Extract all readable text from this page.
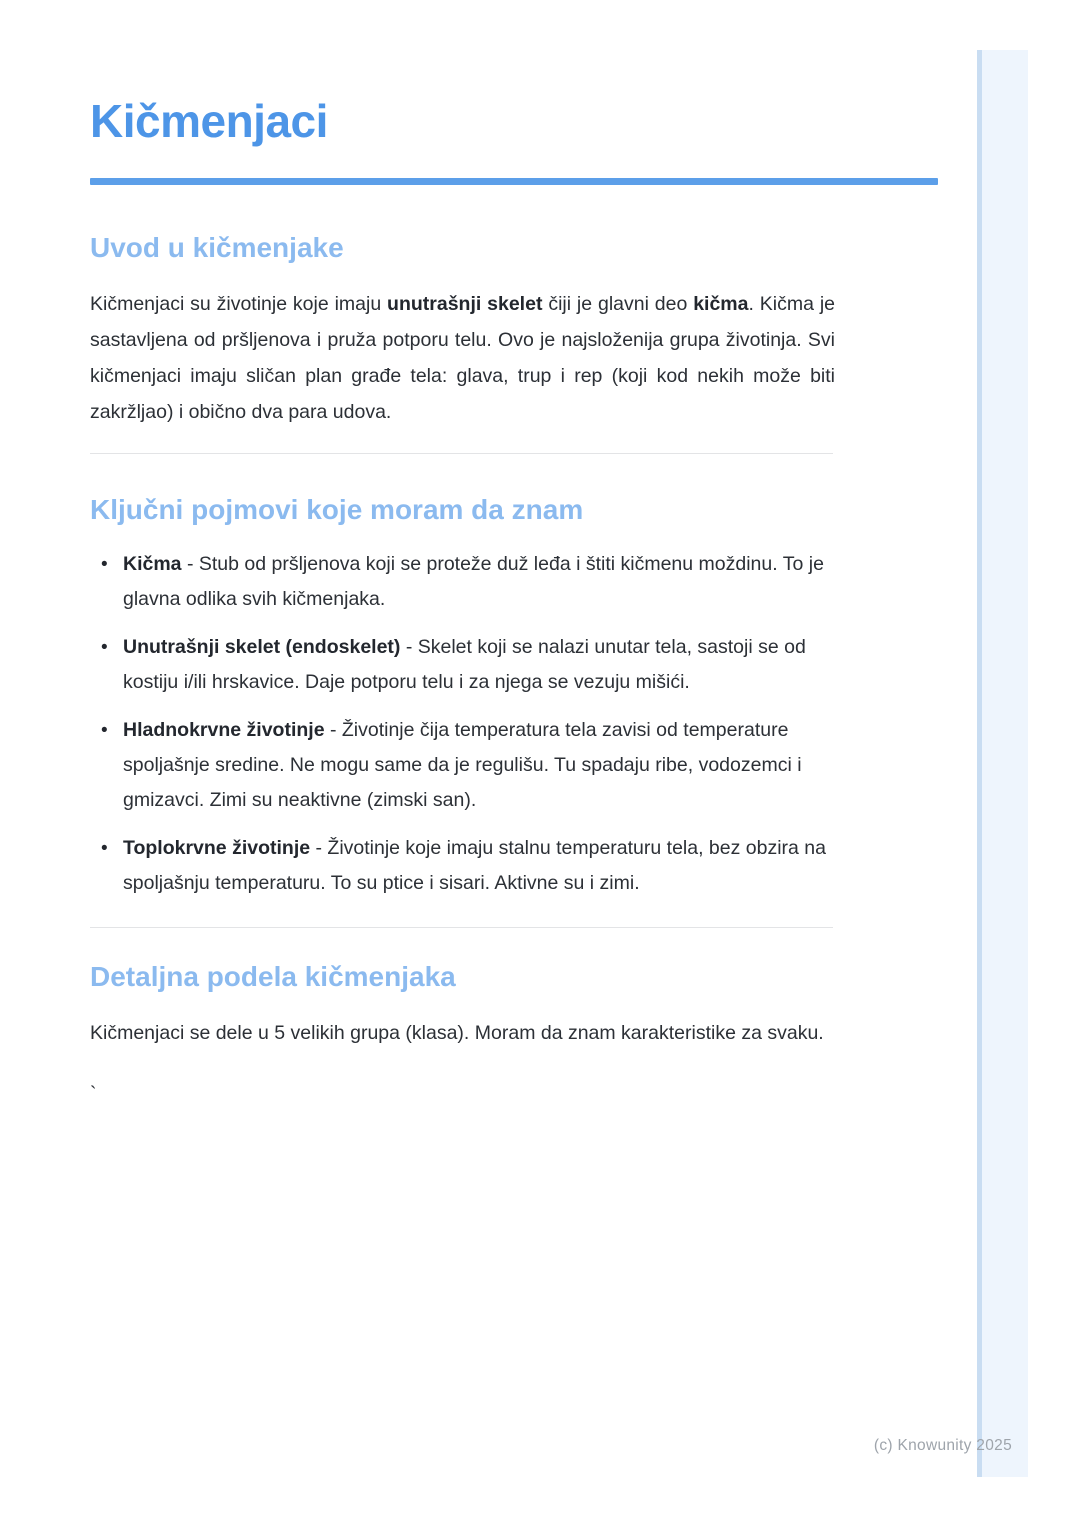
Kičmenjaci
Uvod u kičmenjake

Kičmenjaci su životinje koje imaju unutrašnji skelet čiji je glavni deo kičma. Kičma je sastavljena od pršljenova i pruža potporu telu. Ovo je najsloženija grupa životinja. Svi kičmenjaci imaju sličan plan građe tela: glava, trup i rep (koji kod nekih može biti zakržljao) i obično dva para udova.

Ključni pojmovi koje moram da znam
• Kičma - Stub od pršljenova koji se proteže duž leđa i štiti kičmenu moždinu. To je glavna odlika svih kičmenjaka.
• Unutrašnji skelet (endoskelet) - Skelet koji se nalazi unutar tela, sastoji se od kostiju i/ili hrskavice. Daje potporu telu i za njega se vezuju mišići.
• Hladnokrvne životinje - Životinje čija temperatura tela zavisi od temperature spoljašnje sredine. Ne mogu same da je regulišu. Tu spadaju ribe, vodozemci i gmizavci. Zimi su neaktivne (zimski san).
• Toplokrvne životinje - Životinje koje imaju stalnu temperaturu tela, bez obzira na spoljašnju temperaturu. To su ptice i sisari. Aktivne su i zimi.
Detaljna podela kičmenjaka

Kičmenjaci se dele u 5 velikih grupa (klasa). Moram da znam karakteristike za svaku.

`
(c) Knowunity 2025
